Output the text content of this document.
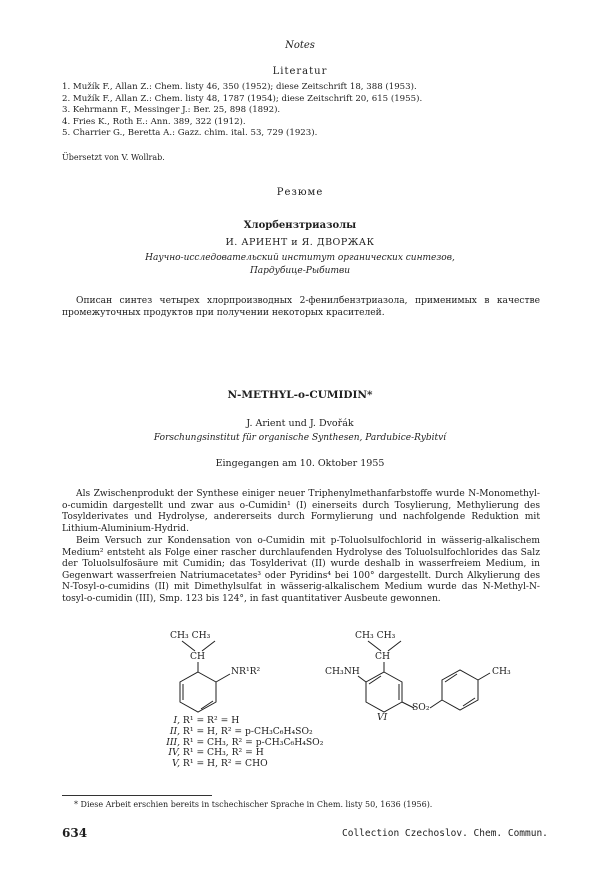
Notes
Literatur
1. Mužík F., Allan Z.: Chem. listy 46, 350 (1952); diese Zeitschrift 18, 388 (1953).
2. Mužík F., Allan Z.: Chem. listy 48, 1787 (1954); diese Zeitschrift 20, 615 (1955).
3. Kehrmann F., Messinger J.: Ber. 25, 898 (1892).
4. Fries K., Roth E.: Ann. 389, 322 (1912).
5. Charrier G., Beretta A.: Gazz. chim. ital. 53, 729 (1923).
Übersetzt von V. Wollrab.
Резюме
Хлорбензтриазолы
И. АРИЕНТ и Я. ДВОРЖАК
Научно-исследовательский институт органических синтезов,
Пардубице-Рыбитви
Описан синтез четырех хлорпроизводных 2-фенилбензтриазола, применимых в качестве промежуточных продуктов при получении некоторых красителей.
N-METHYL-o-CUMIDIN*
J. Arient und J. Dvořák
Forschungsinstitut für organische Synthesen, Pardubice-Rybitví
Eingegangen am 10. Oktober 1955
Als Zwischenprodukt der Synthese einiger neuer Triphenylmethanfarbstoffe wurde N-Monomethyl-o-cumidin dargestellt und zwar aus o-Cumidin¹ (I) einerseits durch Tosylierung, Methylierung des Tosylderivates und Hydrolyse, andererseits durch Formylierung und nachfolgende Reduktion mit Lithium-Aluminium-Hydrid.
Beim Versuch zur Kondensation von o-Cumidin mit p-Toluolsulfochlorid in wässerig-alkalischem Medium² entsteht als Folge einer rascher durchlaufenden Hydrolyse des Toluolsulfochlorides das Salz der Toluolsulfosäure mit Cumidin; das Tosylderivat (II) wurde deshalb in wasserfreiem Medium, in Gegenwart wasserfreien Natriumacetates³ oder Pyridins⁴ bei 100° dargestellt. Durch Alkylierung des N-Tosyl-o-cumidins (II) mit Dimethylsulfat in wässerig-alkalischem Medium wurde das N-Methyl-N-tosyl-o-cumidin (III), Smp. 123 bis 124°, in fast quantitativer Ausbeute gewonnen.
CH₃ CH₃
CH
NR¹R²
I, R¹ = R² = H
II, R¹ = H, R² = p-CH₃C₆H₄SO₂
III, R¹ = CH₃, R² = p-CH₃C₆H₄SO₂
IV, R¹ = CH₃, R² = H
V, R¹ = H, R² = CHO
CH₃ CH₃
CH
CH₃NH
SO₂
CH₃
VI
* Diese Arbeit erschien bereits in tschechischer Sprache in Chem. listy 50, 1636 (1956).
634	Collection Czechoslov. Chem. Commun.
